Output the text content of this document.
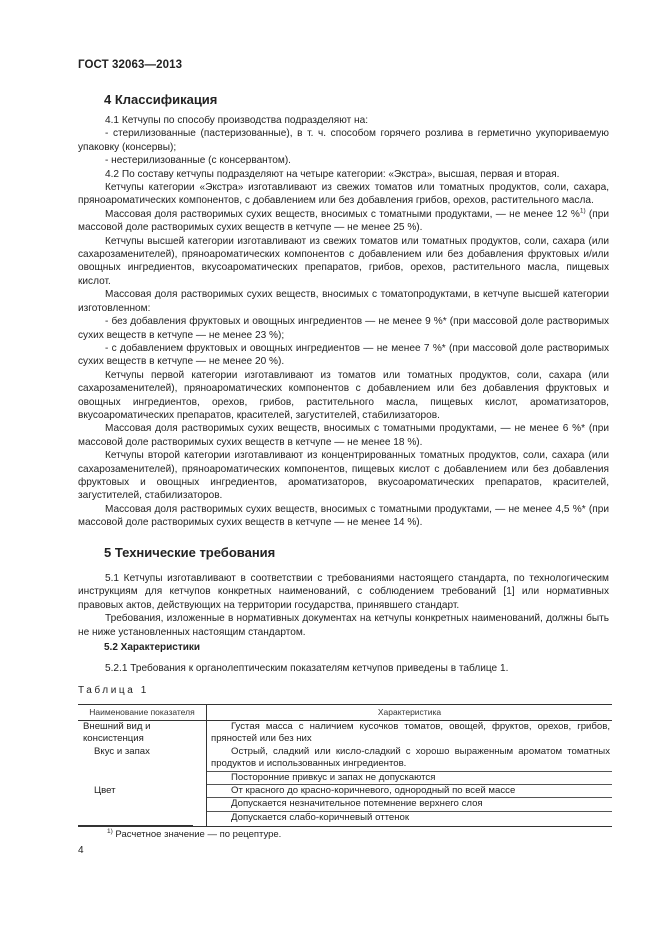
ГОСТ 32063—2013
4 Классификация

4.1 Кетчупы по способу производства подразделяют на:

- стерилизованные (пастеризованные), в т. ч. способом горячего розлива в герметично укупориваемую упаковку (консервы);

- нестерилизованные (с консервантом).

4.2 По составу кетчупы подразделяют на четыре категории: «Экстра», высшая, первая и вторая.

Кетчупы категории «Экстра» изготавливают из свежих томатов или томатных продуктов, соли, сахара, пряноароматических компонентов, с добавлением или без добавления грибов, орехов, растительного масла.

Массовая доля растворимых сухих веществ, вносимых с томатными продуктами, — не менее 12 %$^{1)}$ (при массовой доле растворимых сухих веществ в кетчупе — не менее 25 %).

Кетчупы высшей категории изготавливают из свежих томатов или томатных продуктов, соли, сахара (или сахарозаменителей), пряноароматических компонентов с добавлением или без добавления фруктовых и/или овощных ингредиентов, вкусоароматических препаратов, грибов, орехов, растительного масла, пищевых кислот.

Массовая доля растворимых сухих веществ, вносимых с томатопродуктами, в кетчупе высшей категории изготовленном:

- без добавления фруктовых и овощных ингредиентов — не менее 9 %* (при массовой доле растворимых сухих веществ в кетчупе — не менее 23 %);

- с добавлением фруктовых и овощных ингредиентов — не менее 7 %* (при массовой доле растворимых сухих веществ в кетчупе — не менее 20 %).

Кетчупы первой категории изготавливают из томатов или томатных продуктов, соли, сахара (или сахарозаменителей), пряноароматических компонентов с добавлением или без добавления фруктовых и овощных ингредиентов, орехов, грибов, растительного масла, пищевых кислот, ароматизаторов, вкусоароматических препаратов, красителей, загустителей, стабилизаторов.

Массовая доля растворимых сухих веществ, вносимых с томатными продуктами, — не менее 6 %* (при массовой доле растворимых сухих веществ в кетчупе — не менее 18 %).

Кетчупы второй категории изготавливают из концентрированных томатных продуктов, соли, сахара (или сахарозаменителей), пряноароматических компонентов, пищевых кислот с добавлением или без добавления фруктовых и овощных ингредиентов, ароматизаторов, вкусоароматических препаратов, красителей, загустителей, стабилизаторов.

Массовая доля растворимых сухих веществ, вносимых с томатными продуктами, — не менее 4,5 %* (при массовой доле растворимых сухих веществ в кетчупе — не менее 14 %).

5 Технические требования

5.1 Кетчупы изготавливают в соответствии с требованиями настоящего стандарта, по технологическим инструкциям для кетчупов конкретных наименований, с соблюдением требований [1] или нормативных правовых актов, действующих на территории государства, принявшего стандарт.

Требования, изложенные в нормативных документах на кетчупы конкретных наименований, должны быть не ниже установленных настоящим стандартом.

5.2 Характеристики

5.2.1 Требования к органолептическим показателям кетчупов приведены в таблице 1.

Таблица 1
Наименование показателя	Характеристика

Внешний вид и консистенция	Густая масса с наличием кусочков томатов, овощей, фруктов, орехов, грибов, пряностей или без них

Вкус и запах	Острый, сладкий или кисло-сладкий с хорошо выраженным ароматом томатных продуктов и использованных ингредиентов.

	Посторонние привкус и запах не допускаются

Цвет	От красного до красно-коричневого, однородный по всей массе

	Допускается незначительное потемнение верхнего слоя

	Допускается слабо-коричневый оттенок
$^{1)}$ Расчетное значение — по рецептуре.
4
